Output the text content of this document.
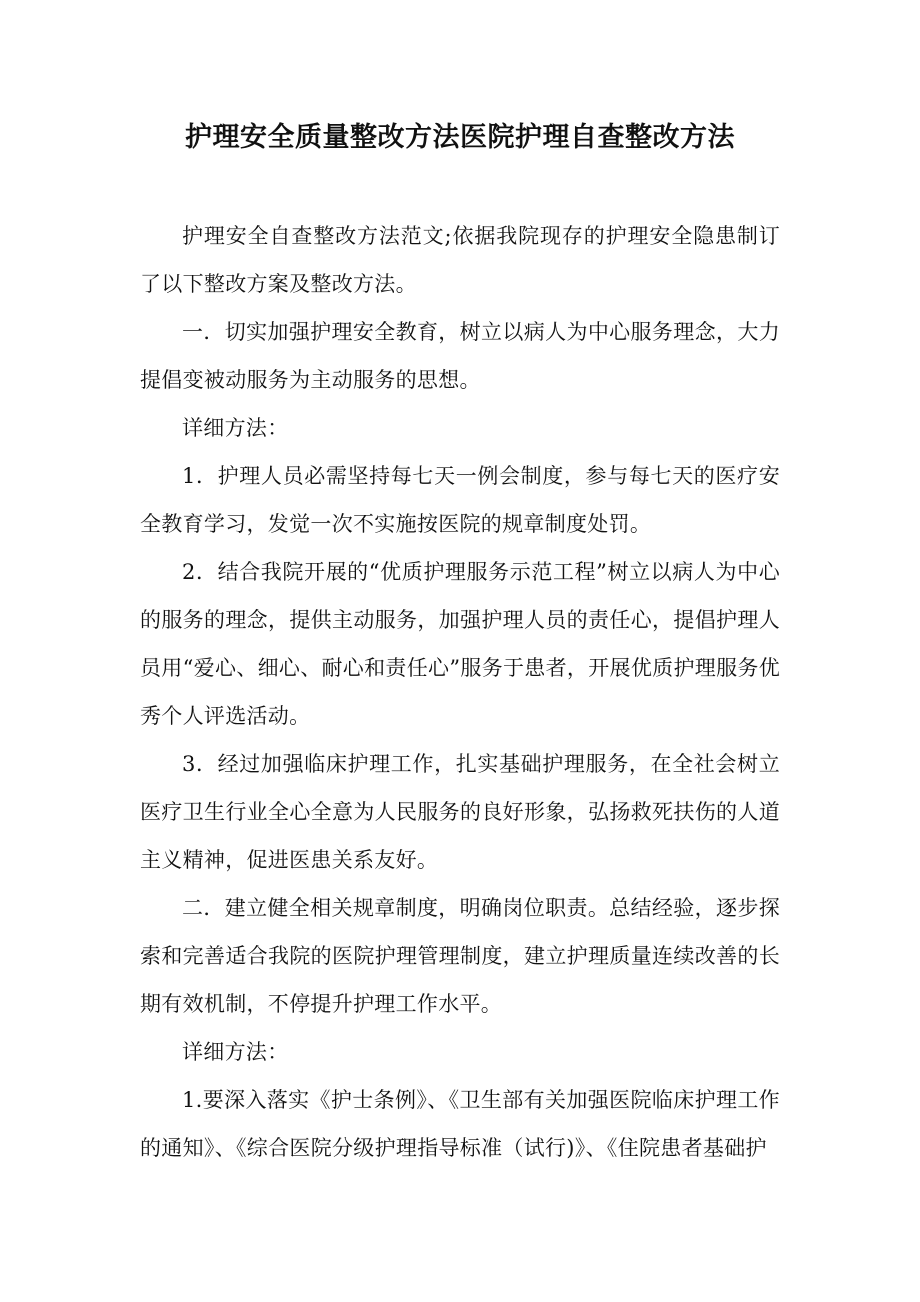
护理安全质量整改方法医院护理自查整改方法

护理安全自查整改方法范文;依据我院现存的护理安全隐患制订了以下整改方案及整改方法。

一．切实加强护理安全教育，树立以病人为中心服务理念，大力提倡变被动服务为主动服务的思想。

详细方法：

1．护理人员必需坚持每七天一例会制度，参与每七天的医疗安全教育学习，发觉一次不实施按医院的规章制度处罚。

2．结合我院开展的“优质护理服务示范工程”树立以病人为中心的服务的理念，提供主动服务，加强护理人员的责任心，提倡护理人员用“爱心、细心、耐心和责任心”服务于患者，开展优质护理服务优秀个人评选活动。

3．经过加强临床护理工作，扎实基础护理服务，在全社会树立医疗卫生行业全心全意为人民服务的良好形象，弘扬救死扶伤的人道主义精神，促进医患关系友好。

二．建立健全相关规章制度，明确岗位职责。总结经验，逐步探索和完善适合我院的医院护理管理制度，建立护理质量连续改善的长期有效机制，不停提升护理工作水平。

详细方法：

1.要深入落实《护士条例》、《卫生部有关加强医院临床护理工作的通知》、《综合医院分级护理指导标准（试行)》、《住院患者基础护
